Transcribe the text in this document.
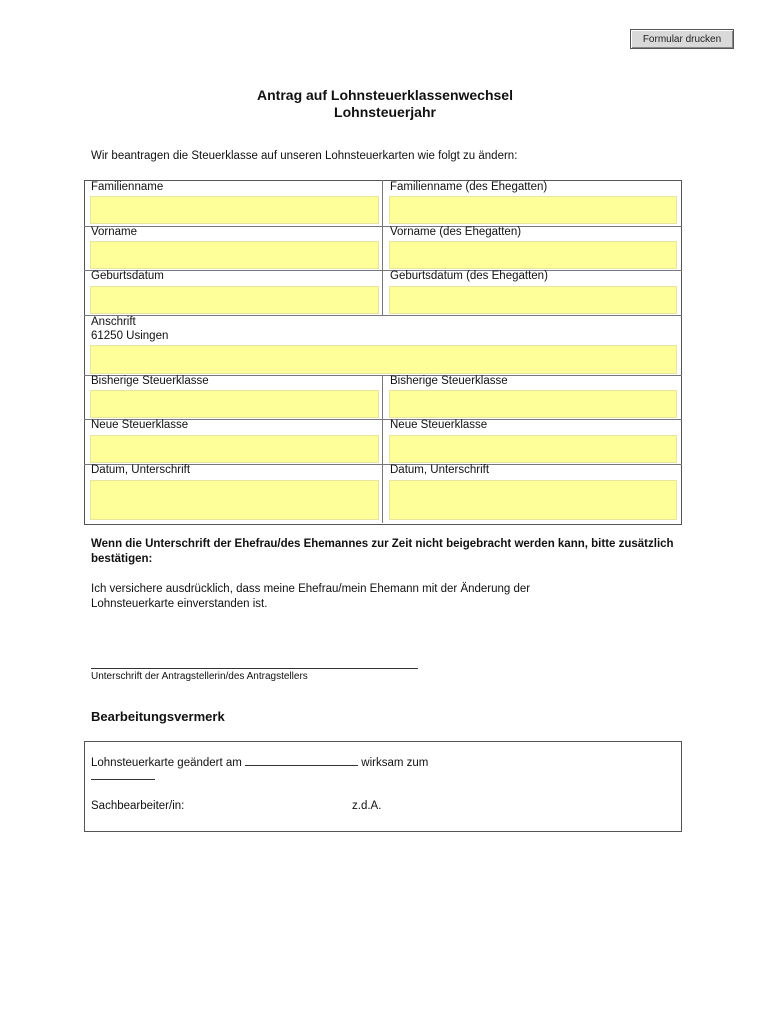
Formular drucken
Antrag auf Lohnsteuerklassenwechsel
Lohnsteuerjahr
Wir beantragen die Steuerklasse auf unseren Lohnsteuerkarten wie folgt zu ändern:
Familienname	Familienname (des Ehegatten)
Vorname	Vorname (des Ehegatten)
Geburtsdatum	Geburtsdatum (des Ehegatten)
Anschrift
61250 Usingen
Bisherige Steuerklasse	Bisherige Steuerklasse
Neue Steuerklasse	Neue Steuerklasse
Datum, Unterschrift	Datum, Unterschrift
Wenn die Unterschrift der Ehefrau/des Ehemannes zur Zeit nicht beigebracht werden kann, bitte zusätzlich bestätigen:
Ich versichere ausdrücklich, dass meine Ehefrau/mein Ehemann mit der Änderung der Lohnsteuerkarte einverstanden ist.
Unterschrift der Antragstellerin/des Antragstellers
Bearbeitungsvermerk
Lohnsteuerkarte geändert am	wirksam zum
Sachbearbeiter/in:	z.d.A.
